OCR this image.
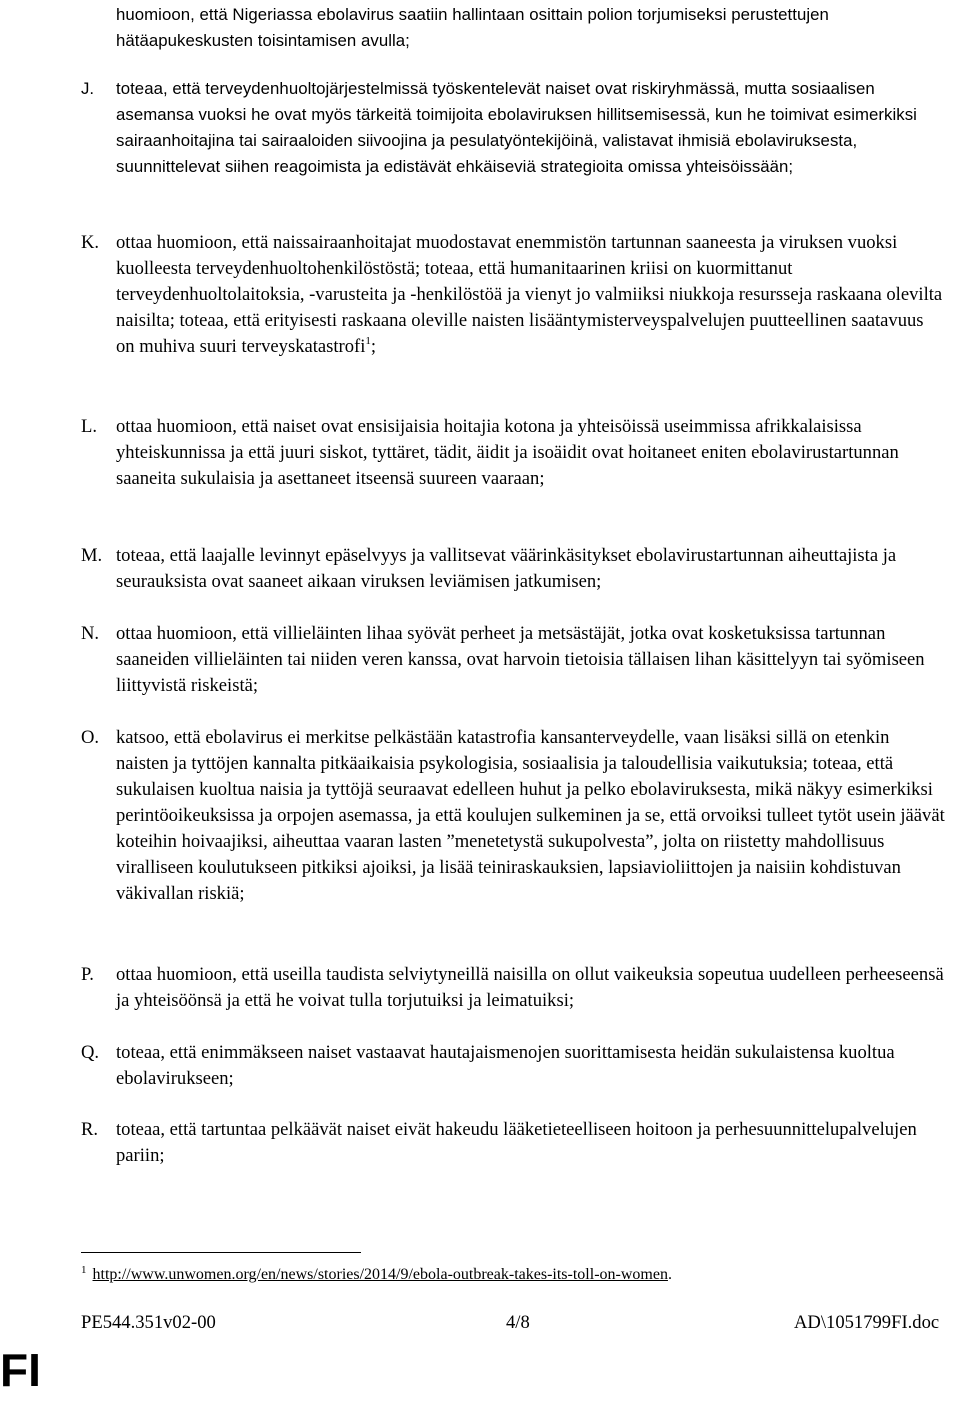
huomioon, että Nigeriassa ebolavirus saatiin hallintaan osittain polion torjumiseksi perustettujen hätäapukeskusten toisintamisen avulla;

J. toteaa, että terveydenhuoltojärjestelmissä työskentelevät naiset ovat riskiryhmässä, mutta sosiaalisen asemansa vuoksi he ovat myös tärkeitä toimijoita ebolaviruksen hillitsemisessä, kun he toimivat esimerkiksi sairaanhoitajina tai sairaaloiden siivoojina ja pesulatyöntekijöinä, valistavat ihmisiä ebolaviruksesta, suunnittelevat siihen reagoimista ja edistävät ehkäiseviä strategioita omissa yhteisöissään;

K. ottaa huomioon, että naissairaanhoitajat muodostavat enemmistön tartunnan saaneesta ja viruksen vuoksi kuolleesta terveydenhuoltohenkilöstöstä; toteaa, että humanitaarinen kriisi on kuormittanut terveydenhuoltolaitoksia, -varusteita ja -henkilöstöä ja vienyt jo valmiiksi niukkoja resursseja raskaana olevilta naisilta; toteaa, että erityisesti raskaana oleville naisten lisääntymisterveyspalvelujen puutteellinen saatavuus on muhiva suuri terveyskatastrofi$^1$;

L. ottaa huomioon, että naiset ovat ensisijaisia hoitajia kotona ja yhteisöissä useimmissa afrikkalaisissa yhteiskunnissa ja että juuri siskot, tyttäret, tädit, äidit ja isoäidit ovat hoitaneet eniten ebolavirustartunnan saaneita sukulaisia ja asettaneet itseensä suureen vaaraan;

M. toteaa, että laajalle levinnyt epäselvyys ja vallitsevat väärinkäsitykset ebolavirustartunnan aiheuttajista ja seurauksista ovat saaneet aikaan viruksen leviämisen jatkumisen;

N. ottaa huomioon, että villieläinten lihaa syövät perheet ja metsästäjät, jotka ovat kosketuksissa tartunnan saaneiden villieläinten tai niiden veren kanssa, ovat harvoin tietoisia tällaisen lihan käsittelyyn tai syömiseen liittyvistä riskeistä;

O. katsoo, että ebolavirus ei merkitse pelkästään katastrofia kansanterveydelle, vaan lisäksi sillä on etenkin naisten ja tyttöjen kannalta pitkäaikaisia psykologisia, sosiaalisia ja taloudellisia vaikutuksia; toteaa, että sukulaisen kuoltua naisia ja tyttöjä seuraavat edelleen huhut ja pelko ebolaviruksesta, mikä näkyy esimerkiksi perintöoikeuksissa ja orpojen asemassa, ja että koulujen sulkeminen ja se, että orvoiksi tulleet tytöt usein jäävät koteihin hoivaajiksi, aiheuttaa vaaran lasten ”menetetystä sukupolvesta”, jolta on riistetty mahdollisuus viralliseen koulutukseen pitkiksi ajoiksi, ja lisää teiniraskauksien, lapsiavioliittojen ja naisiin kohdistuvan väkivallan riskiä;

P. ottaa huomioon, että useilla taudista selviytyneillä naisilla on ollut vaikeuksia sopeutua uudelleen perheeseensä ja yhteisöönsä ja että he voivat tulla torjutuiksi ja leimatuiksi;

Q. toteaa, että enimmäkseen naiset vastaavat hautajaismenojen suorittamisesta heidän sukulaistensa kuoltua ebolavirukseen;

R. toteaa, että tartuntaa pelkäävät naiset eivät hakeudu lääketieteelliseen hoitoon ja perhesuunnittelupalvelujen pariin;

$^1$ http://www.unwomen.org/en/news/stories/2014/9/ebola-outbreak-takes-its-toll-on-women.
PE544.351v02-00	4/8	AD\1051799FI.doc
FI
